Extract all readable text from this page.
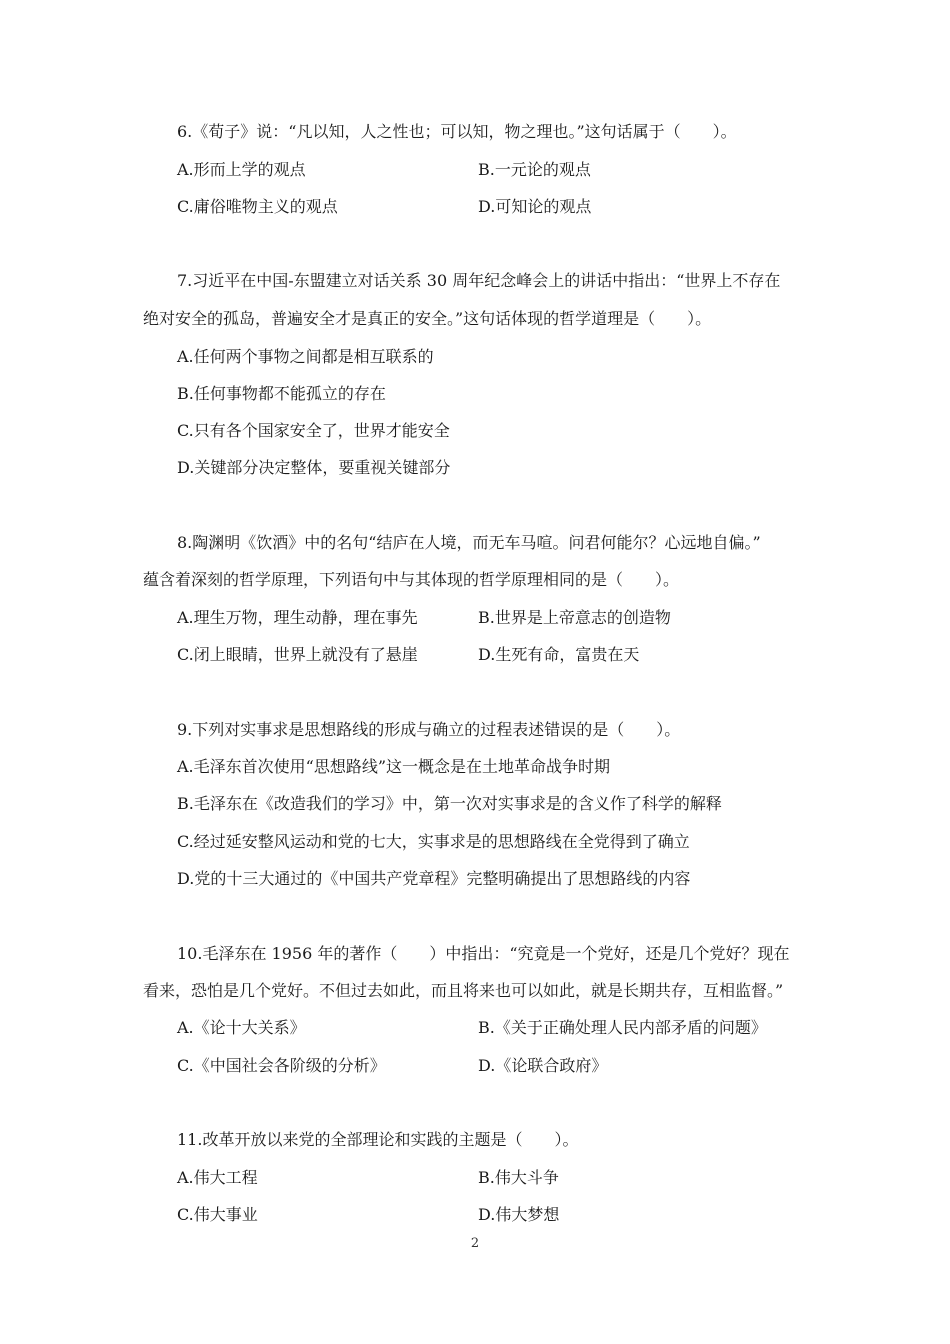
6.《荀子》说：“凡以知，人之性也；可以知，物之理也。”这句话属于（　　）。
A.形而上学的观点	B.一元论的观点
C.庸俗唯物主义的观点	D.可知论的观点
7.习近平在中国-东盟建立对话关系 30 周年纪念峰会上的讲话中指出：“世界上不存在
绝对安全的孤岛，普遍安全才是真正的安全。”这句话体现的哲学道理是（　　）。
A.任何两个事物之间都是相互联系的
B.任何事物都不能孤立的存在
C.只有各个国家安全了，世界才能安全
D.关键部分决定整体，要重视关键部分
8.陶渊明《饮酒》中的名句“结庐在人境，而无车马喧。问君何能尔？心远地自偏。”
蕴含着深刻的哲学原理，下列语句中与其体现的哲学原理相同的是（　　）。
A.理生万物，理生动静，理在事先	B.世界是上帝意志的创造物
C.闭上眼睛，世界上就没有了悬崖	D.生死有命，富贵在天
9.下列对实事求是思想路线的形成与确立的过程表述错误的是（　　）。
A.毛泽东首次使用“思想路线”这一概念是在土地革命战争时期
B.毛泽东在《改造我们的学习》中，第一次对实事求是的含义作了科学的解释
C.经过延安整风运动和党的七大，实事求是的思想路线在全党得到了确立
D.党的十三大通过的《中国共产党章程》完整明确提出了思想路线的内容
10.毛泽东在 1956 年的著作（　　）中指出：“究竟是一个党好，还是几个党好？现在
看来，恐怕是几个党好。不但过去如此，而且将来也可以如此，就是长期共存，互相监督。”
A.《论十大关系》	B.《关于正确处理人民内部矛盾的问题》
C.《中国社会各阶级的分析》	D.《论联合政府》
11.改革开放以来党的全部理论和实践的主题是（　　）。
A.伟大工程	B.伟大斗争
C.伟大事业	D.伟大梦想
2
